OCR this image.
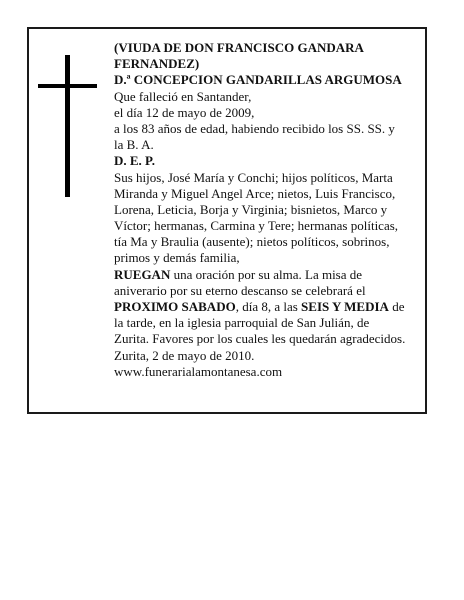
(VIUDA DE DON FRANCISCO GANDARA
FERNANDEZ)
D.ª CONCEPCION GANDARILLAS ARGUMOSA
Que falleció en Santander,
el día 12 de mayo de 2009,
a los 83 años de edad, habiendo recibido los SS. SS. y
la B. A.
D. E. P.
Sus hijos, José María y Conchi; hijos políticos, Marta
Miranda y Miguel Angel Arce; nietos, Luis Francisco,
Lorena, Leticia, Borja y Virginia; bisnietos, Marco y
Víctor; hermanas, Carmina y Tere; hermanas políticas,
tía Ma y Braulia (ausente); nietos políticos, sobrinos,
primos y demás familia,
RUEGAN una oración por su alma. La misa de
aniverario por su eterno descanso se celebrará el
PROXIMO SABADO, día 8, a las SEIS Y MEDIA de
la tarde, en la iglesia parroquial de San Julián, de
Zurita. Favores por los cuales les quedarán agradecidos.
Zurita, 2 de mayo de 2010.
www.funerarialamontanesa.com
